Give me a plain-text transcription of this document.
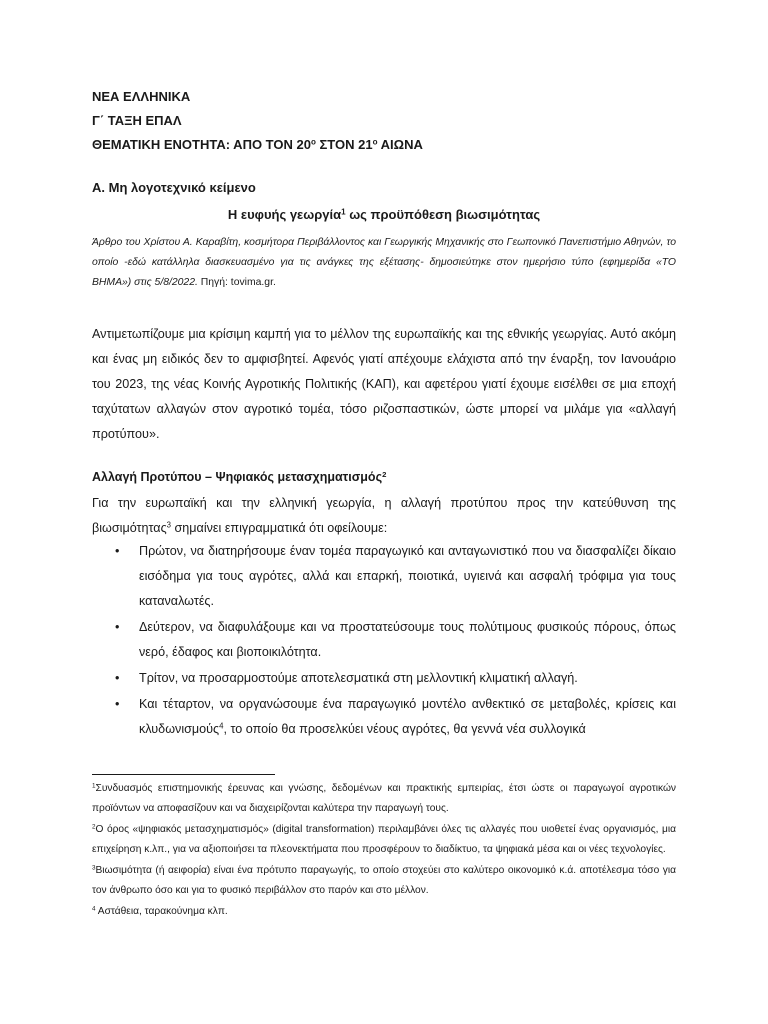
ΝΕΑ ΕΛΛΗΝΙΚΑ
Γ΄ ΤΑΞΗ ΕΠΑΛ
ΘΕΜΑΤΙΚΗ ΕΝΟΤΗΤΑ: ΑΠΟ ΤΟΝ $20^o$ ΣΤΟΝ $21^o$ ΑΙΩΝΑ
Α. Μη λογοτεχνικό κείμενο
Η ευφυής γεωργία$^1$ ως προϋπόθεση βιωσιμότητας
Άρθρο του Χρίστου Α. Καραβίτη, κοσμήτορα Περιβάλλοντος και Γεωργικής Μηχανικής στο Γεωπονικό Πανεπιστήμιο Αθηνών, το οποίο -εδώ κατάλληλα διασκευασμένο για τις ανάγκες της εξέτασης- δημοσιεύτηκε στον ημερήσιο τύπο (εφημερίδα «ΤΟ ΒΗΜΑ») στις 5/8/2022. Πηγή: tovima.gr.
Αντιμετωπίζουμε μια κρίσιμη καμπή για το μέλλον της ευρωπαϊκής και της εθνικής γεωργίας. Αυτό ακόμη και ένας μη ειδικός δεν το αμφισβητεί. Αφενός γιατί απέχουμε ελάχιστα από την έναρξη, τον Ιανουάριο του 2023, της νέας Κοινής Αγροτικής Πολιτικής (ΚΑΠ), και αφετέρου γιατί έχουμε εισέλθει σε μια εποχή ταχύτατων αλλαγών στον αγροτικό τομέα, τόσο ριζοσπαστικών, ώστε μπορεί να μιλάμε για «αλλαγή προτύπου».
Αλλαγή Προτύπου – Ψηφιακός μετασχηματισμός$^2$
Για την ευρωπαϊκή και την ελληνική γεωργία, η αλλαγή προτύπου προς την κατεύθυνση της βιωσιμότητας$^3$ σημαίνει επιγραμματικά ότι οφείλουμε:
• Πρώτον, να διατηρήσουμε έναν τομέα παραγωγικό και ανταγωνιστικό που να διασφαλίζει δίκαιο εισόδημα για τους αγρότες, αλλά και επαρκή, ποιοτικά, υγιεινά και ασφαλή τρόφιμα για τους καταναλωτές.
• Δεύτερον, να διαφυλάξουμε και να προστατεύσουμε τους πολύτιμους φυσικούς πόρους, όπως νερό, έδαφος και βιοποικιλότητα.
• Τρίτον, να προσαρμοστούμε αποτελεσματικά στη μελλοντική κλιματική αλλαγή.
• Και τέταρτον, να οργανώσουμε ένα παραγωγικό μοντέλο ανθεκτικό σε μεταβολές, κρίσεις και κλυδωνισμούς$^4$, το οποίο θα προσελκύει νέους αγρότες, θα γεννά νέα συλλογικά
$^1$Συνδυασμός επιστημονικής έρευνας και γνώσης, δεδομένων και πρακτικής εμπειρίας, έτσι ώστε οι παραγωγοί αγροτικών προϊόντων να αποφασίζουν και να διαχειρίζονται καλύτερα την παραγωγή τους.
$^2$Ο όρος «ψηφιακός μετασχηματισμός» (digital transformation) περιλαμβάνει όλες τις αλλαγές που υιοθετεί ένας οργανισμός, μια επιχείρηση κ.λπ., για να αξιοποιήσει τα πλεονεκτήματα που προσφέρουν το διαδίκτυο, τα ψηφιακά μέσα και οι νέες τεχνολογίες.
$^3$Βιωσιμότητα (ή αειφορία) είναι ένα πρότυπο παραγωγής, το οποίο στοχεύει στο καλύτερο οικονομικό κ.ά. αποτέλεσμα τόσο για τον άνθρωπο όσο και για το φυσικό περιβάλλον στο παρόν και στο μέλλον.
$^4$ Αστάθεια, ταρακούνημα κλπ.
